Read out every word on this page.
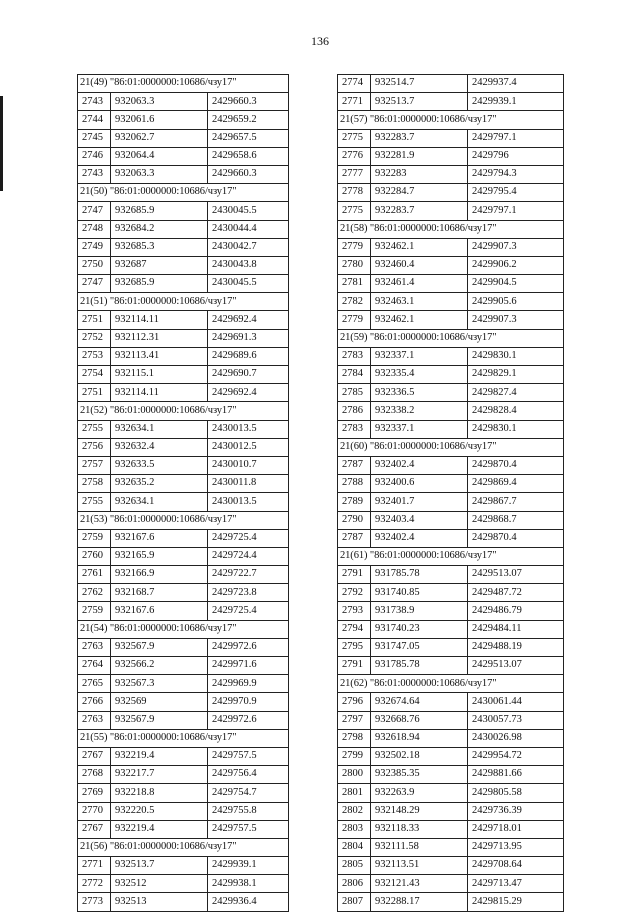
136
21(49) "86:01:0000000:10686/чзу17"		
2743	932063.3	2429660.3
2744	932061.6	2429659.2
2745	932062.7	2429657.5
2746	932064.4	2429658.6
2743	932063.3	2429660.3
21(50) "86:01:0000000:10686/чзу17"		
2747	932685.9	2430045.5
2748	932684.2	2430044.4
2749	932685.3	2430042.7
2750	932687	2430043.8
2747	932685.9	2430045.5
21(51) "86:01:0000000:10686/чзу17"		
2751	932114.11	2429692.4
2752	932112.31	2429691.3
2753	932113.41	2429689.6
2754	932115.1	2429690.7
2751	932114.11	2429692.4
21(52) "86:01:0000000:10686/чзу17"		
2755	932634.1	2430013.5
2756	932632.4	2430012.5
2757	932633.5	2430010.7
2758	932635.2	2430011.8
2755	932634.1	2430013.5
21(53) "86:01:0000000:10686/чзу17"		
2759	932167.6	2429725.4
2760	932165.9	2429724.4
2761	932166.9	2429722.7
2762	932168.7	2429723.8
2759	932167.6	2429725.4
21(54) "86:01:0000000:10686/чзу17"		
2763	932567.9	2429972.6
2764	932566.2	2429971.6
2765	932567.3	2429969.9
2766	932569	2429970.9
2763	932567.9	2429972.6
21(55) "86:01:0000000:10686/чзу17"		
2767	932219.4	2429757.5
2768	932217.7	2429756.4
2769	932218.8	2429754.7
2770	932220.5	2429755.8
2767	932219.4	2429757.5
21(56) "86:01:0000000:10686/чзу17"		
2771	932513.7	2429939.1
2772	932512	2429938.1
2773	932513	2429936.4
2774	932514.7	2429937.4
2771	932513.7	2429939.1
21(57) "86:01:0000000:10686/чзу17"		
2775	932283.7	2429797.1
2776	932281.9	2429796
2777	932283	2429794.3
2778	932284.7	2429795.4
2775	932283.7	2429797.1
21(58) "86:01:0000000:10686/чзу17"		
2779	932462.1	2429907.3
2780	932460.4	2429906.2
2781	932461.4	2429904.5
2782	932463.1	2429905.6
2779	932462.1	2429907.3
21(59) "86:01:0000000:10686/чзу17"		
2783	932337.1	2429830.1
2784	932335.4	2429829.1
2785	932336.5	2429827.4
2786	932338.2	2429828.4
2783	932337.1	2429830.1
21(60) "86:01:0000000:10686/чзу17"		
2787	932402.4	2429870.4
2788	932400.6	2429869.4
2789	932401.7	2429867.7
2790	932403.4	2429868.7
2787	932402.4	2429870.4
21(61) "86:01:0000000:10686/чзу17"		
2791	931785.78	2429513.07
2792	931740.85	2429487.72
2793	931738.9	2429486.79
2794	931740.23	2429484.11
2795	931747.05	2429488.19
2791	931785.78	2429513.07
21(62) "86:01:0000000:10686/чзу17"		
2796	932674.64	2430061.44
2797	932668.76	2430057.73
2798	932618.94	2430026.98
2799	932502.18	2429954.72
2800	932385.35	2429881.66
2801	932263.9	2429805.58
2802	932148.29	2429736.39
2803	932118.33	2429718.01
2804	932111.58	2429713.95
2805	932113.51	2429708.64
2806	932121.43	2429713.47
2807	932288.17	2429815.29
